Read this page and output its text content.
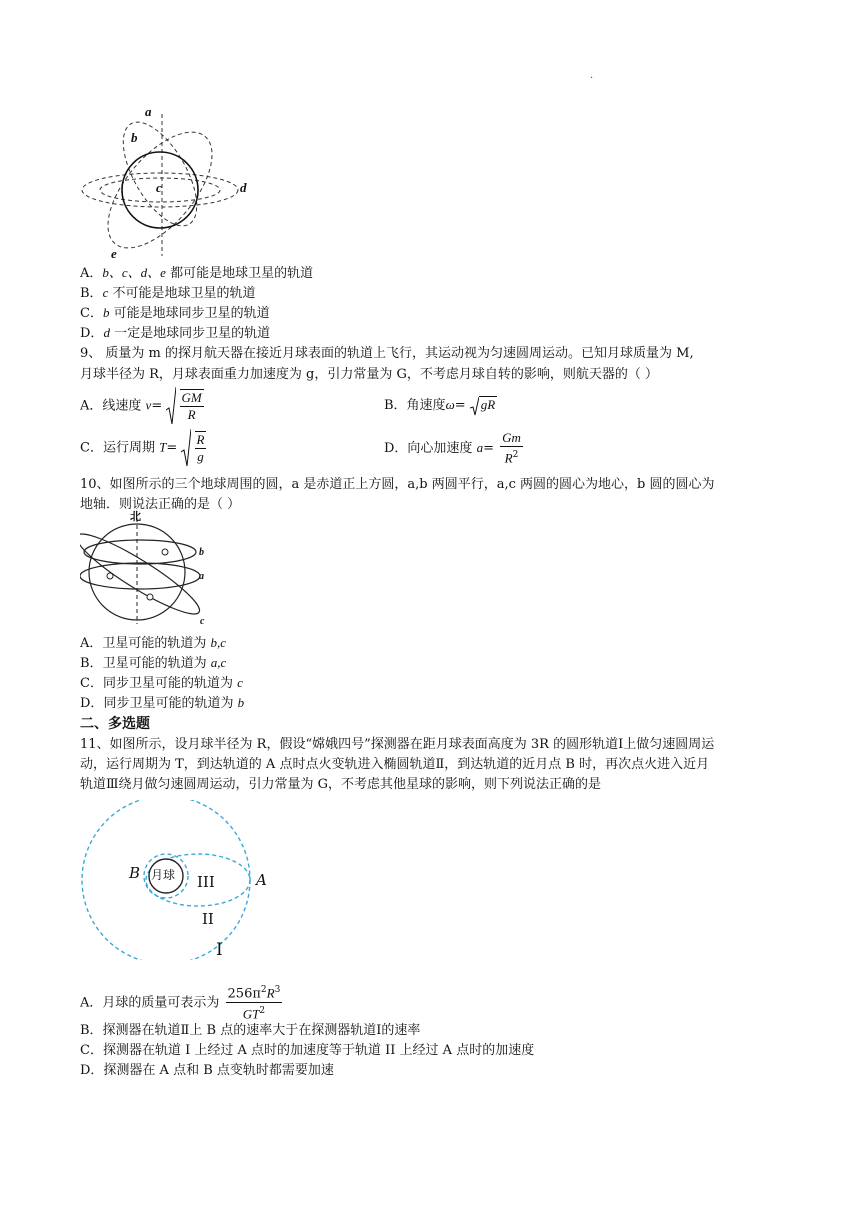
.
a
b
c	d
e
A．b、c、d、e 都可能是地球卫星的轨道
B．c 不可能是地球卫星的轨道
C．b 可能是地球同步卫星的轨道
D．d 一定是地球同步卫星的轨道
9、 质量为 m 的探月航天器在接近月球表面的轨道上飞行，其运动视为匀速圆周运动。已知月球质量为 M,
月球半径为 R，月球表面重力加速度为 g，引力常量为 G，不考虑月球自转的影响，则航天器的（ ）
A．线速度 $v= \frac{GM}{R}$	B．角速度ω= gR
C．运行周期 $T= \frac{R}{g}$	D．向心加速度 $a= \frac{Gm}{R^2}$
10、如图所示的三个地球周围的圆，a 是赤道正上方圆，a,b 两圆平行，a,c 两圆的圆心为地心，b 圆的圆心为
地轴．则说法正确的是（ ）
北
b
a
c
A．卫星可能的轨道为 b,c
B．卫星可能的轨道为 a,c
C．同步卫星可能的轨道为 c
D．同步卫星可能的轨道为 b
二、多选题
11、如图所示，设月球半径为 R，假设“嫦娥四号”探测器在距月球表面高度为 3R 的圆形轨道Ⅰ上做匀速圆周运
动，运行周期为 T，到达轨道的 A 点时点火变轨进入椭圆轨道Ⅱ，到达轨道的近月点 B 时，再次点火进入近月
轨道Ⅲ绕月做匀速圆周运动，引力常量为 G，不考虑其他星球的影响，则下列说法正确的是
B 月球 III	A
II
I
A．月球的质量可表示为 $\frac{256\pi^2R^3}{GT^2}$
B．探测器在轨道Ⅱ上 B 点的速率大于在探测器轨道Ⅰ的速率
C．探测器在轨道 I 上经过 A 点时的加速度等于轨道 II 上经过 A 点时的加速度
D．探测器在 A 点和 B 点变轨时都需要加速
